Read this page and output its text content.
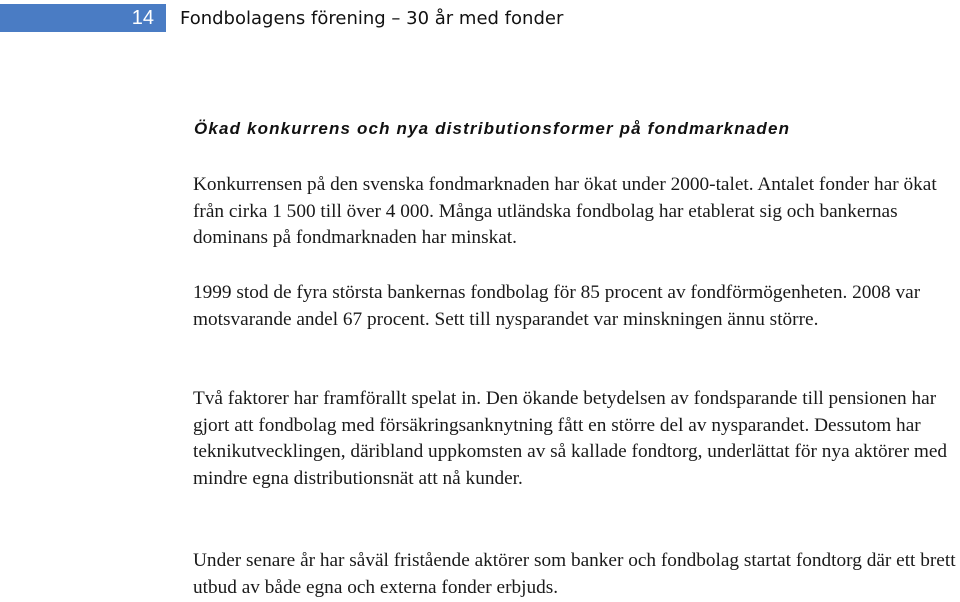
14 Fondbolagens förening – 30 år med fonder
Ökad konkurrens och nya distributionsformer på fondmarknaden

Konkurrensen på den svenska fondmarknaden har ökat under 2000-talet. Antalet fonder har ökat från cirka 1 500 till över 4 000. Många utländska fondbolag har etablerat sig och bankernas dominans på fondmarknaden har minskat.

1999 stod de fyra största bankernas fondbolag för 85 procent av fondförmögenheten. 2008 var motsvarande andel 67 procent. Sett till nysparandet var minskningen ännu större.

Två faktorer har framförallt spelat in. Den ökande betydelsen av fondsparande till pensionen har gjort att fondbolag med försäkringsanknytning fått en större del av nysparandet. Dessutom har teknikutvecklingen, däribland uppkomsten av så kallade fondtorg, underlättat för nya aktörer med mindre egna distributionsnät att nå kunder.

Under senare år har såväl fristående aktörer som banker och fondbolag startat fondtorg där ett brett utbud av både egna och externa fonder erbjuds.
